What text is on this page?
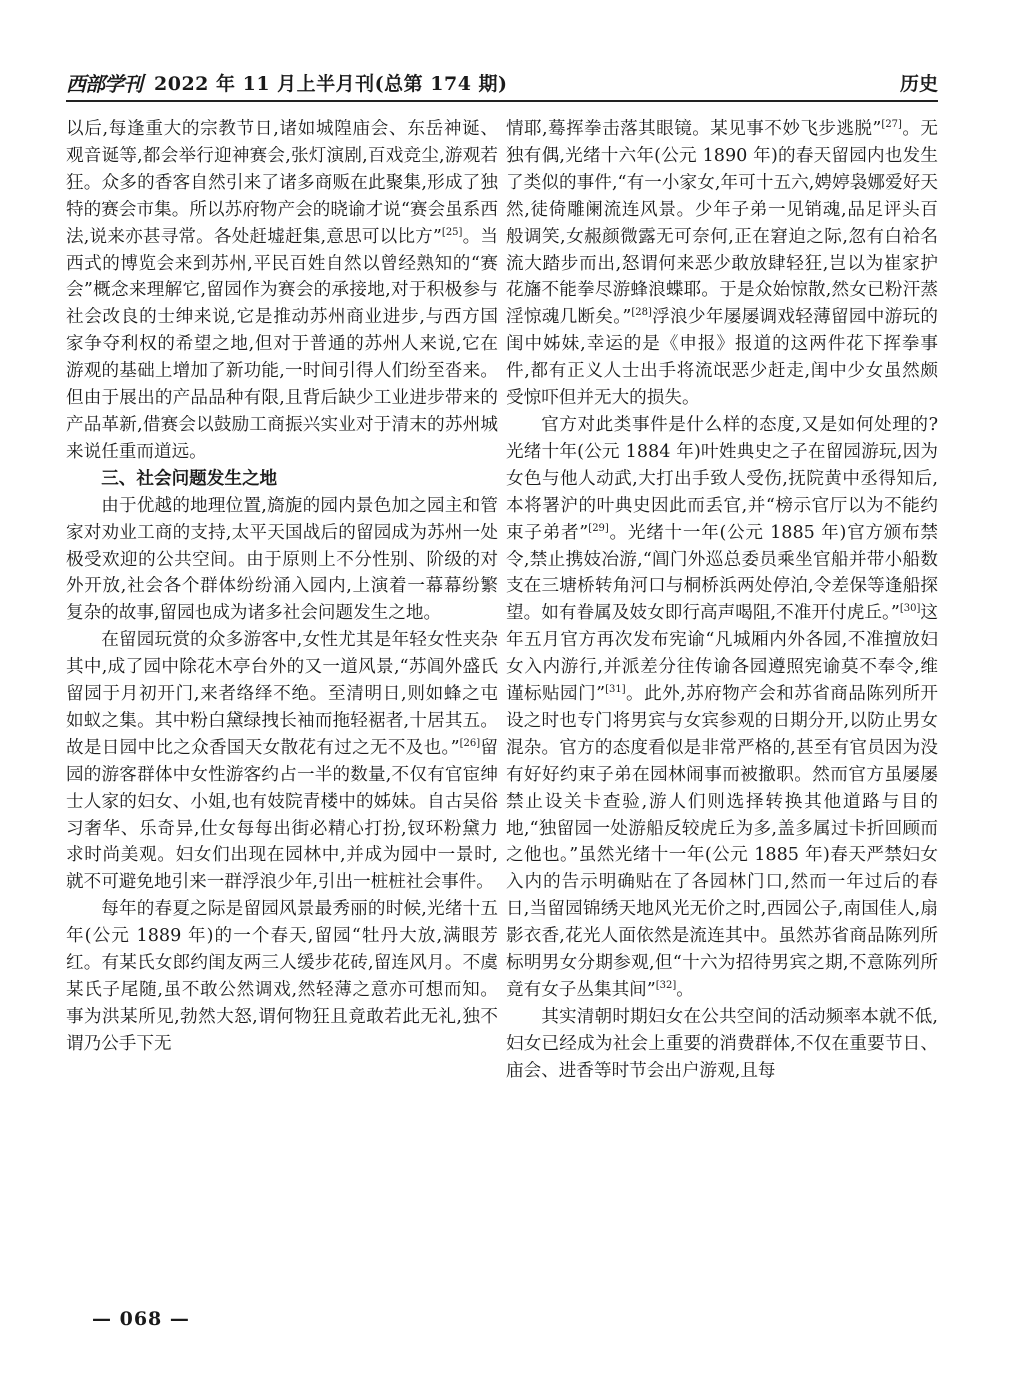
西部学刊 2022 年 11 月上半月刊(总第 174 期)	历史

以后,每逢重大的宗教节日,诸如城隍庙会、东岳神诞、观音诞等,都会举行迎神赛会,张灯演剧,百戏竞尘,游观若狂。众多的香客自然引来了诸多商贩在此聚集,形成了独特的赛会市集。所以苏府物产会的晓谕才说“赛会虽系西法,说来亦甚寻常。各处赶墟赶集,意思可以比方”[25]。当西式的博览会来到苏州,平民百姓自然以曾经熟知的“赛会”概念来理解它,留园作为赛会的承接地,对于积极参与社会改良的士绅来说,它是推动苏州商业进步,与西方国家争夺利权的希望之地,但对于普通的苏州人来说,它在游观的基础上增加了新功能,一时间引得人们纷至沓来。但由于展出的产品品种有限,且背后缺少工业进步带来的产品革新,借赛会以鼓励工商振兴实业对于清末的苏州城来说任重而道远。

三、社会问题发生之地

由于优越的地理位置,旖旎的园内景色加之园主和管家对劝业工商的支持,太平天国战后的留园成为苏州一处极受欢迎的公共空间。由于原则上不分性别、阶级的对外开放,社会各个群体纷纷涌入园内,上演着一幕幕纷繁复杂的故事,留园也成为诸多社会问题发生之地。

在留园玩赏的众多游客中,女性尤其是年轻女性夹杂其中,成了园中除花木亭台外的又一道风景,“苏阊外盛氏留园于月初开门,来者络绎不绝。至清明日,则如蜂之屯如蚁之集。其中粉白黛绿拽长袖而拖轻裾者,十居其五。故是日园中比之众香国天女散花有过之无不及也。”[26]留园的游客群体中女性游客约占一半的数量,不仅有官宦绅士人家的妇女、小姐,也有妓院青楼中的姊妹。自古吴俗习奢华、乐奇异,仕女每每出街必精心打扮,钗环粉黛力求时尚美观。妇女们出现在园林中,并成为园中一景时,就不可避免地引来一群浮浪少年,引出一桩桩社会事件。

每年的春夏之际是留园风景最秀丽的时候,光绪十五年(公元 1889 年)的一个春天,留园“牡丹大放,满眼芳红。有某氏女郎约闺友两三人缓步花砖,留连风月。不虞某氏子尾随,虽不敢公然调戏,然轻薄之意亦可想而知。事为洪某所见,勃然大怒,谓何物狂且竟敢若此无礼,独不谓乃公手下无

情耶,蓦挥拳击落其眼镜。某见事不妙飞步逃脱”[27]。无独有偶,光绪十六年(公元 1890 年)的春天留园内也发生了类似的事件,“有一小家女,年可十五六,娉婷袅娜爱好天然,徒倚雕阑流连风景。少年子弟一见销魂,品足评头百般调笑,女赧颜微露无可奈何,正在窘迫之际,忽有白袷名流大踏步而出,怒谓何来恶少敢放肆轻狂,岂以为崔家护花旛不能拳尽游蜂浪蝶耶。于是众始惊散,然女已粉汗蒸淫惊魂几断矣。”[28]浮浪少年屡屡调戏轻薄留园中游玩的闺中姊妹,幸运的是《申报》报道的这两件花下挥拳事件,都有正义人士出手将流氓恶少赶走,闺中少女虽然颇受惊吓但并无大的损失。

官方对此类事件是什么样的态度,又是如何处理的?光绪十年(公元 1884 年)叶姓典史之子在留园游玩,因为女色与他人动武,大打出手致人受伤,抚院黄中丞得知后,本将署沪的叶典史因此而丢官,并“榜示官厅以为不能约束子弟者”[29]。光绪十一年(公元 1885 年)官方颁布禁令,禁止携妓冶游,“阊门外巡总委员乘坐官船并带小船数支在三塘桥转角河口与桐桥浜两处停泊,令差保等逢船探望。如有眷属及妓女即行高声喝阻,不准开付虎丘。”[30]这年五月官方再次发布宪谕“凡城厢内外各园,不准擅放妇女入内游行,并派差分往传谕各园遵照宪谕莫不奉令,维谨标贴园门”[31]。此外,苏府物产会和苏省商品陈列所开设之时也专门将男宾与女宾参观的日期分开,以防止男女混杂。官方的态度看似是非常严格的,甚至有官员因为没有好好约束子弟在园林闹事而被撤职。然而官方虽屡屡禁止设关卡查验,游人们则选择转换其他道路与目的地,“独留园一处游船反较虎丘为多,盖多属过卡折回顾而之他也。”虽然光绪十一年(公元 1885 年)春天严禁妇女入内的告示明确贴在了各园林门口,然而一年过后的春日,当留园锦绣天地风光无价之时,西园公子,南国佳人,扇影衣香,花光人面依然是流连其中。虽然苏省商品陈列所标明男女分期参观,但“十六为招待男宾之期,不意陈列所竟有女子丛集其间”[32]。

其实清朝时期妇女在公共空间的活动频率本就不低,妇女已经成为社会上重要的消费群体,不仅在重要节日、庙会、进香等时节会出户游观,且每

— 068 —
